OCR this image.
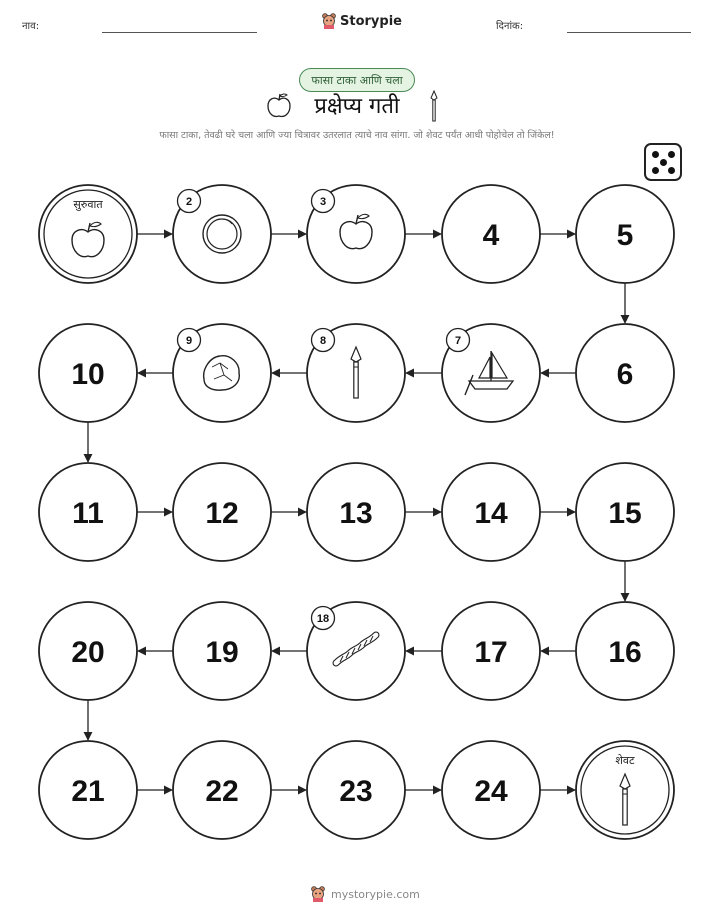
नाव:	Storypie	दिनांक:
फासा टाका आणि चला
प्रक्षेप्य गती
फासा टाका, तेवढी घरे चला आणि ज्या चित्रावर उतरलात त्याचे नाव सांगा. जो शेवट पर्यंत आधी पोहोचेल तो जिंकेल!
सुरुवात	2	3
4	5
6
7
8
9
10
11	12	13	14	15
16
17
18
19
20
21	22	23	24
शेवट
mystorypie.com
